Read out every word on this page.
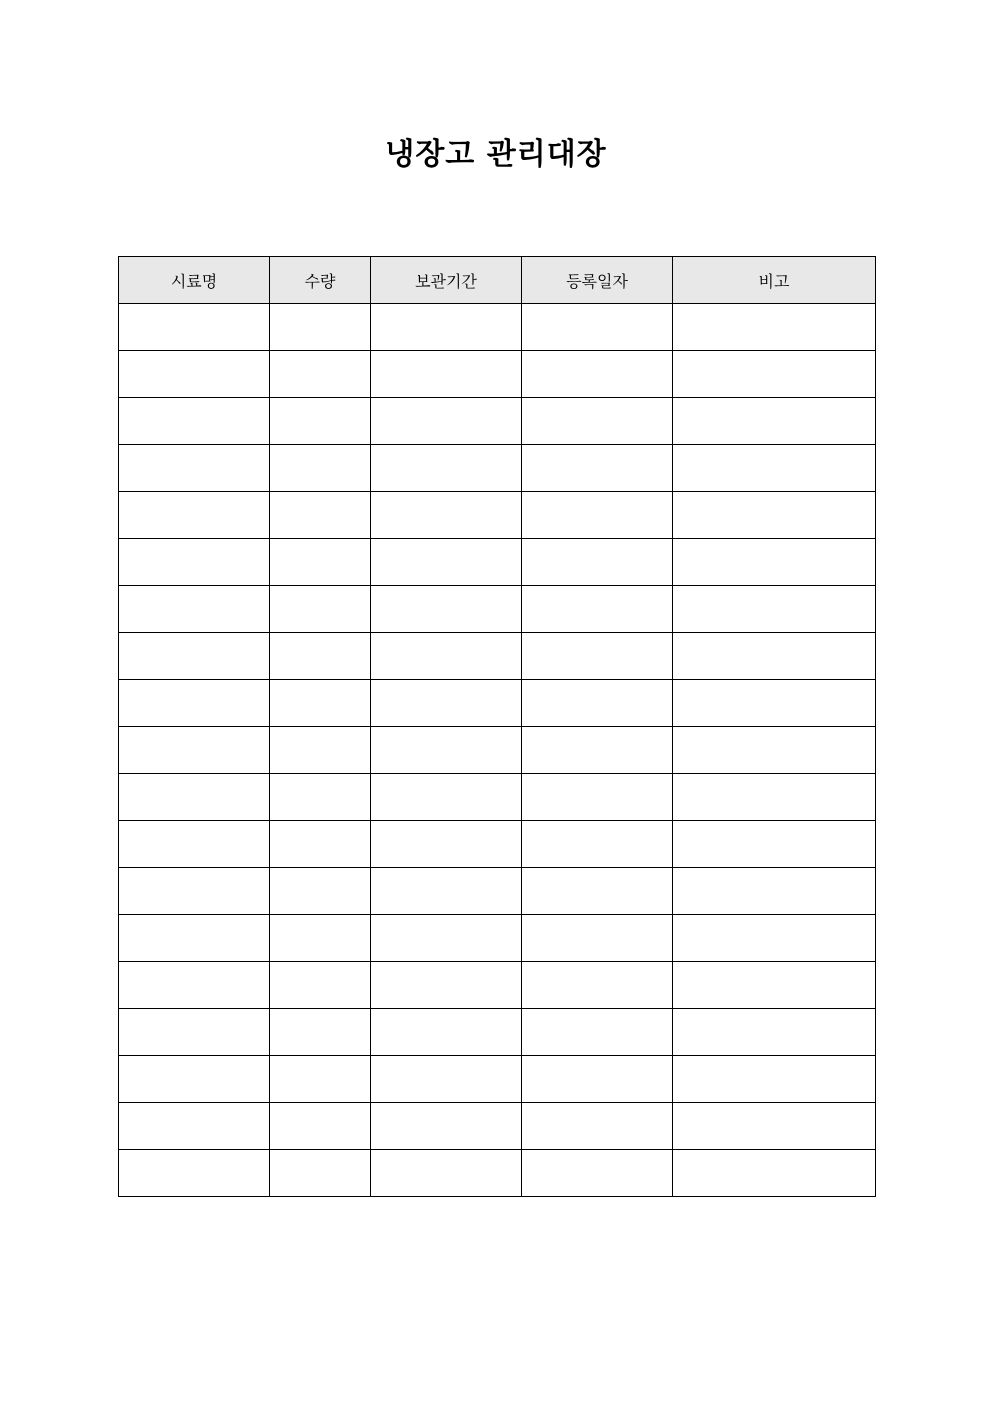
냉장고 관리대장
시료명	수량	보관기간	등록일자	비고
